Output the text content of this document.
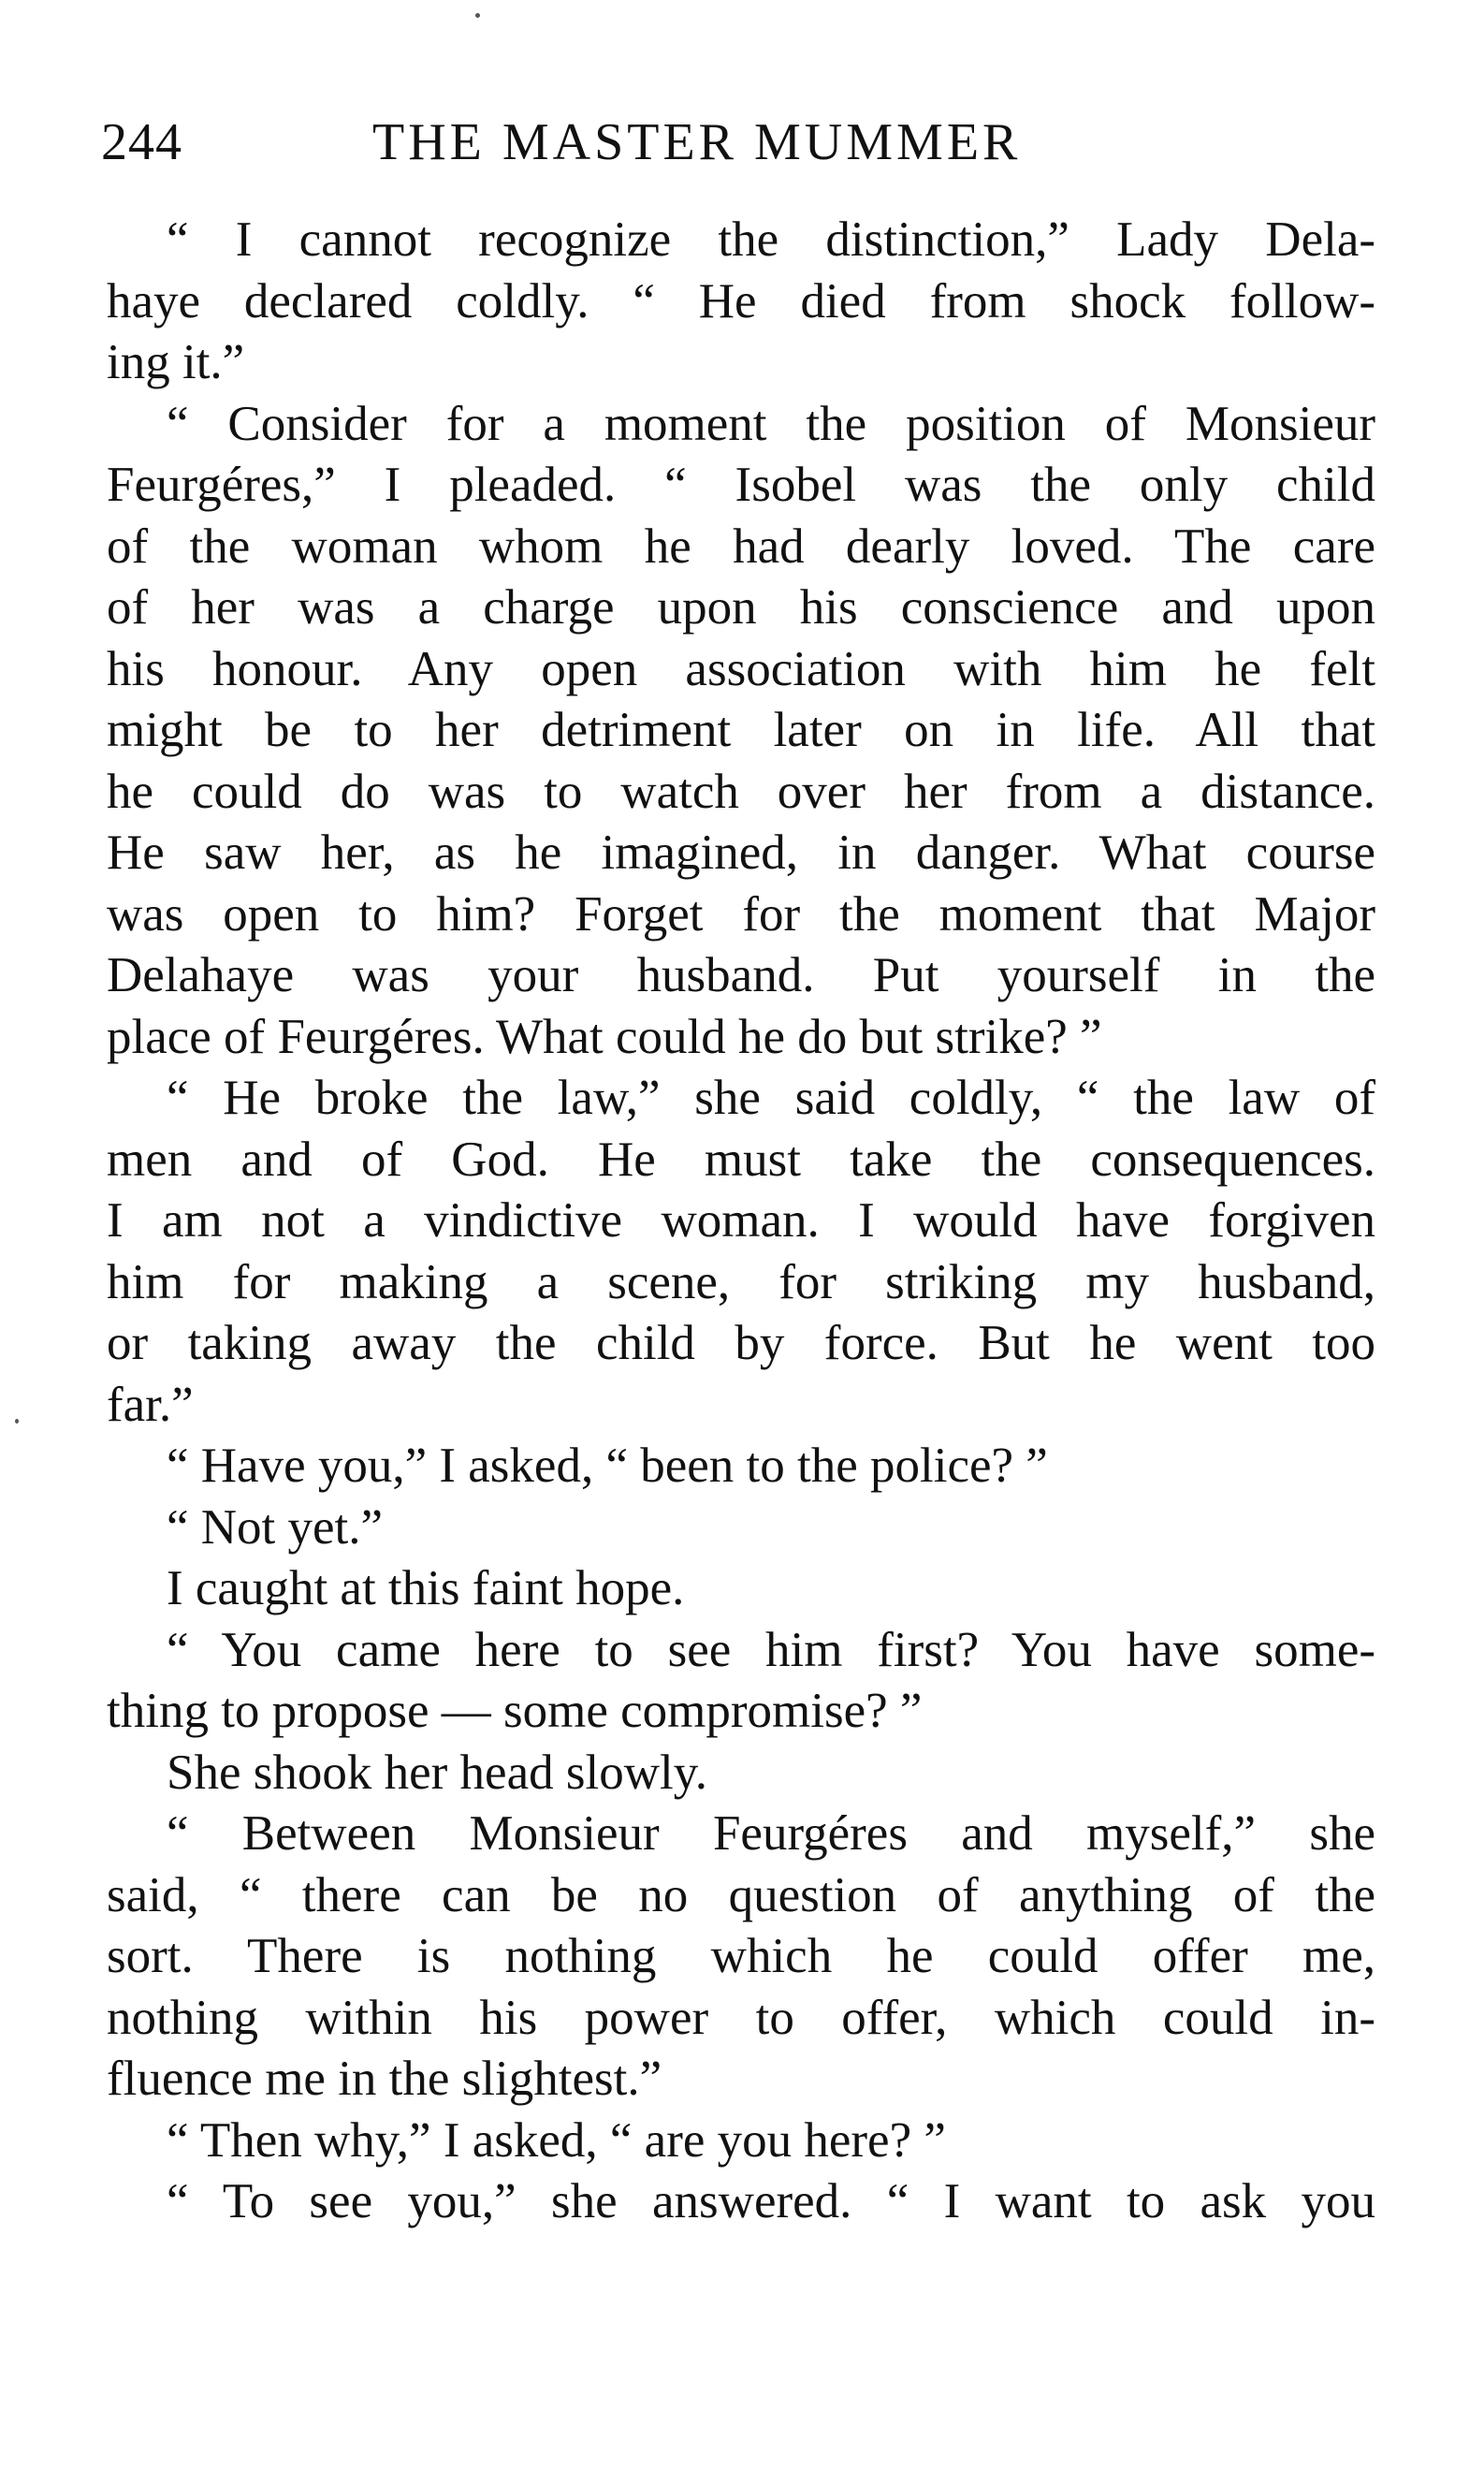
244	THE MASTER MUMMER
“ I cannot recognize the distinction,” Lady Dela-
haye declared coldly. “ He died from shock follow-
ing it.”
“ Consider for a moment the position of Monsieur
Feurgéres,” I pleaded. “ Isobel was the only child
of the woman whom he had dearly loved. The care
of her was a charge upon his conscience and upon
his honour. Any open association with him he felt
might be to her detriment later on in life. All that
he could do was to watch over her from a distance.
He saw her, as he imagined, in danger. What course
was open to him? Forget for the moment that Major
Delahaye was your husband. Put yourself in the
place of Feurgéres. What could he do but strike? ”
“ He broke the law,” she said coldly, “ the law of
men and of God. He must take the consequences.
I am not a vindictive woman. I would have forgiven
him for making a scene, for striking my husband,
or taking away the child by force. But he went too
far.”
“ Have you,” I asked, “ been to the police? ”
“ Not yet.”
I caught at this faint hope.
“ You came here to see him first? You have some-
thing to propose — some compromise? ”
She shook her head slowly.
“ Between Monsieur Feurgéres and myself,” she
said, “ there can be no question of anything of the
sort. There is nothing which he could offer me,
nothing within his power to offer, which could in-
fluence me in the slightest.”
“ Then why,” I asked, “ are you here? ”
“ To see you,” she answered. “ I want to ask you
